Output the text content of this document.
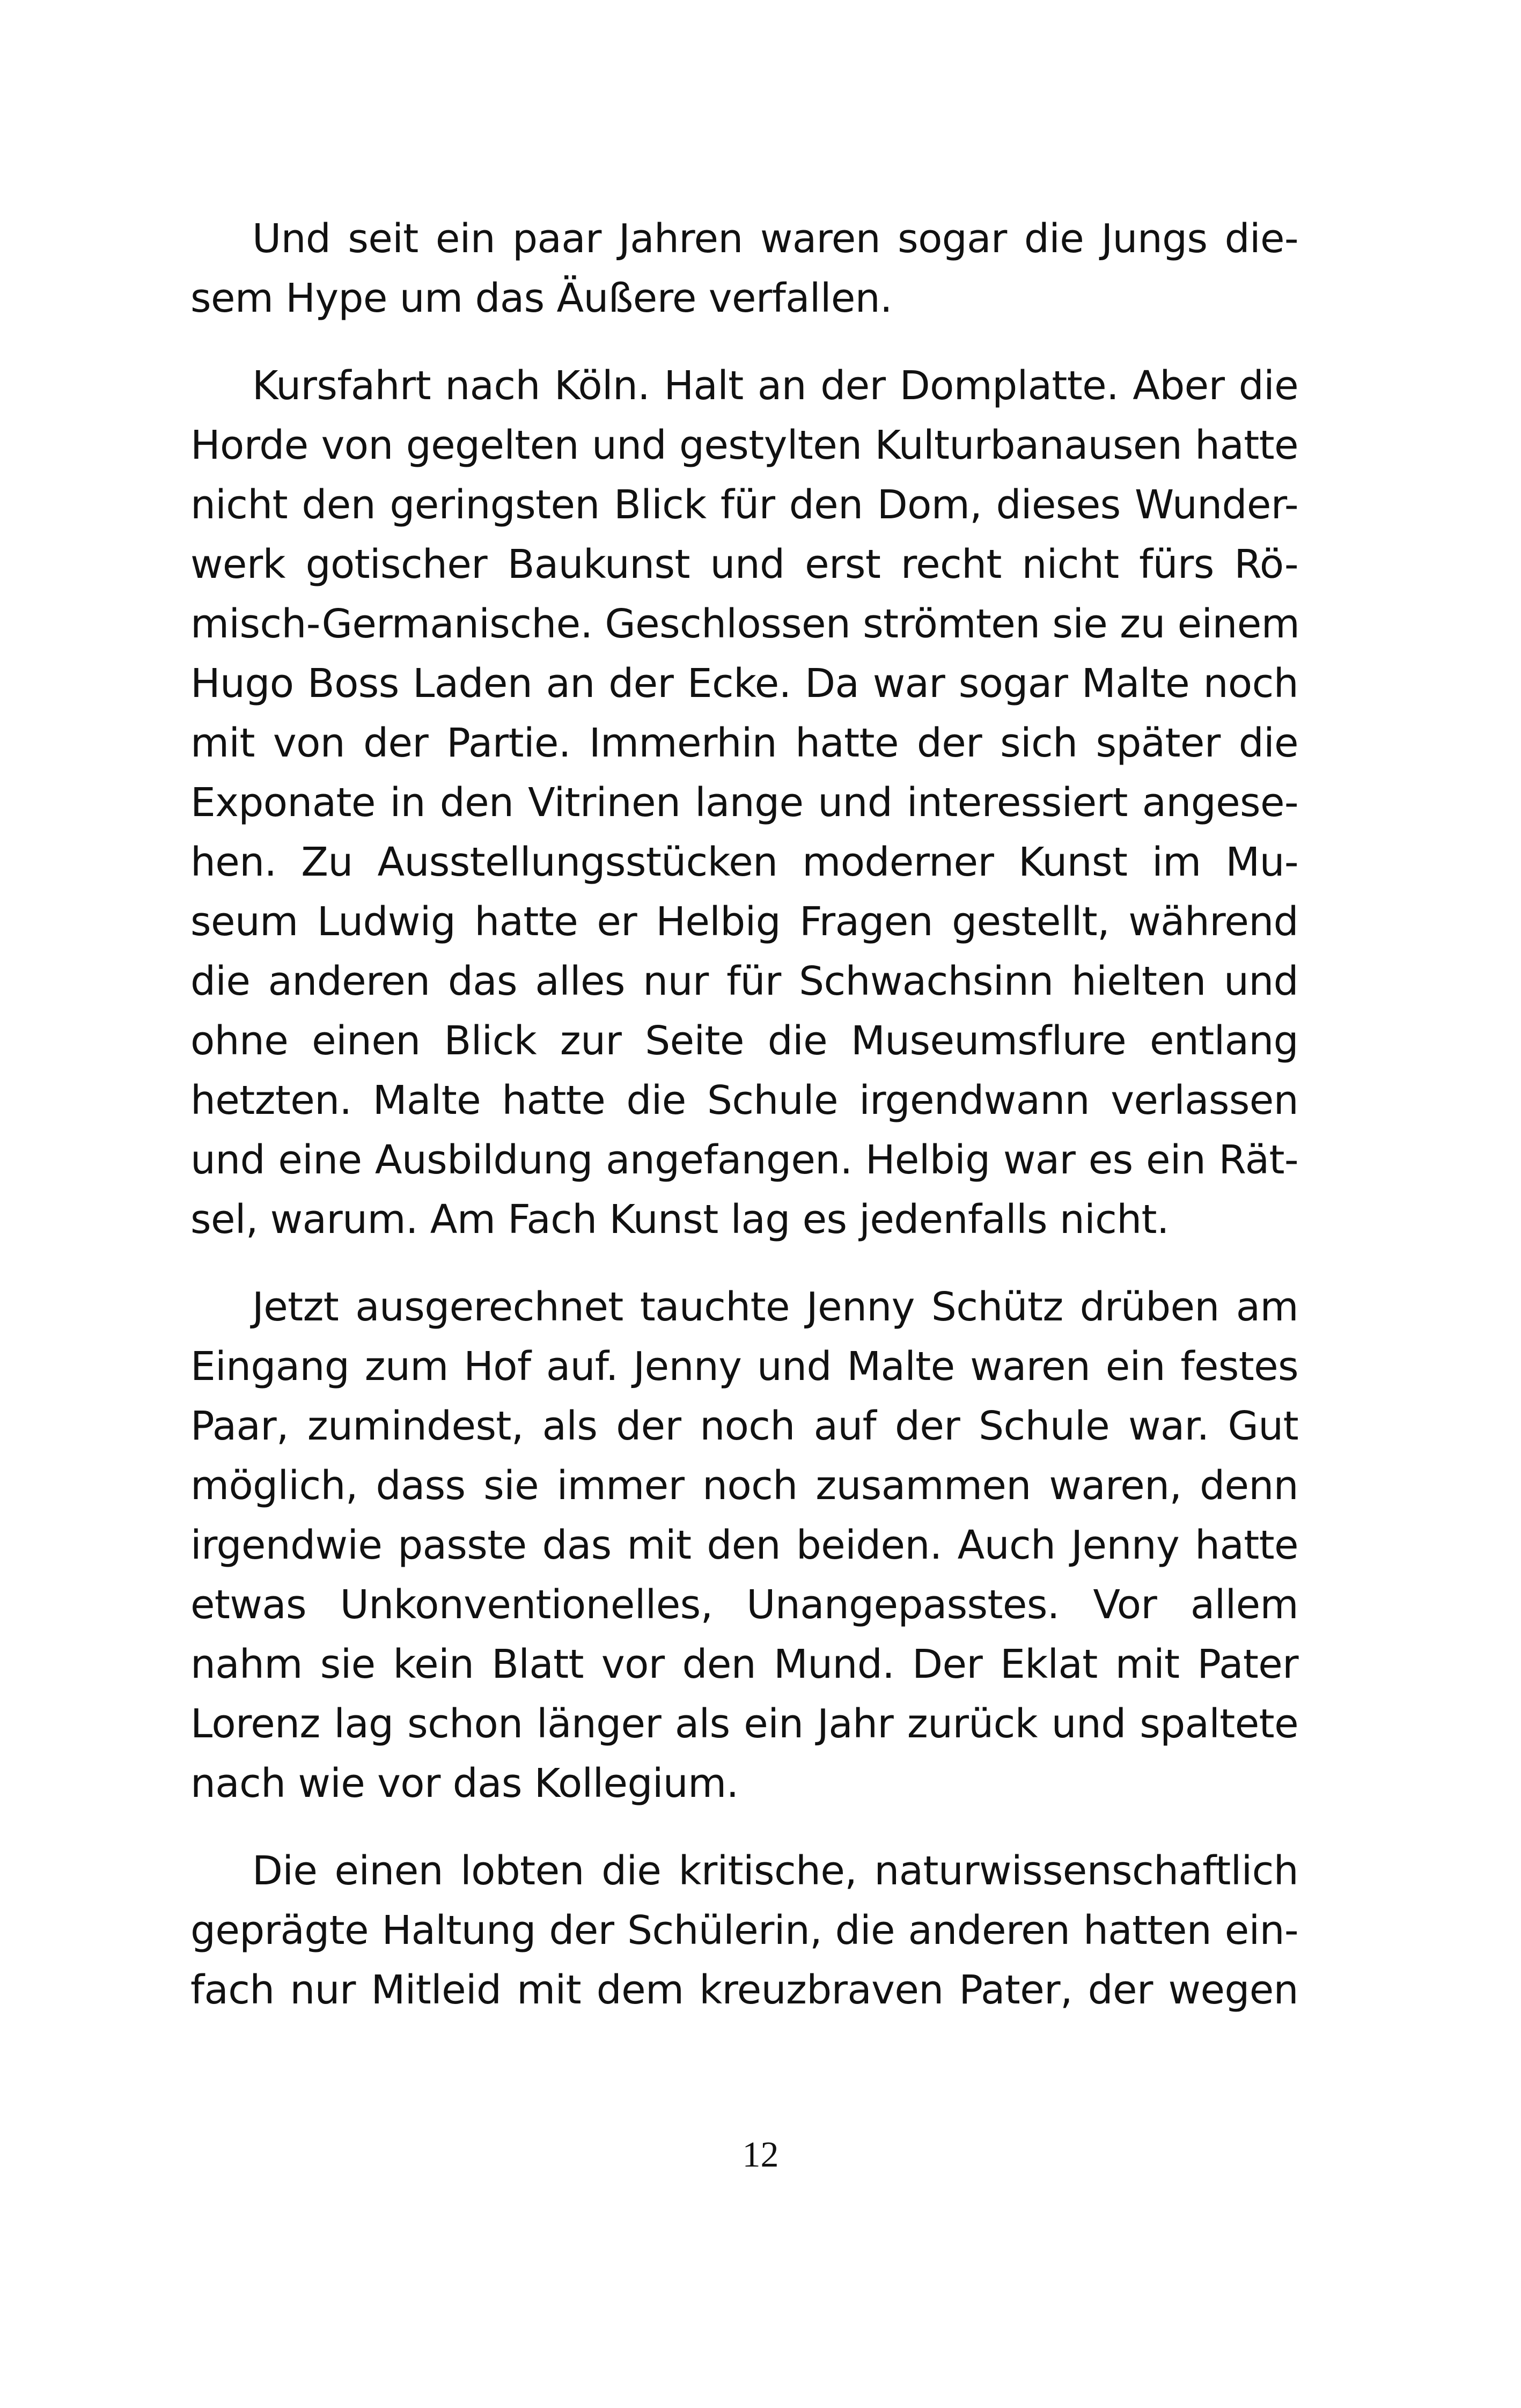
Und seit ein paar Jahren waren sogar die Jungs die-
sem Hype um das Äußere verfallen.
Kursfahrt nach Köln. Halt an der Domplatte. Aber die
Horde von gegelten und gestylten Kulturbanausen hatte
nicht den geringsten Blick für den Dom, dieses Wunder-
werk gotischer Baukunst und erst recht nicht fürs Rö-
misch-Germanische. Geschlossen strömten sie zu einem
Hugo Boss Laden an der Ecke. Da war sogar Malte noch
mit von der Partie. Immerhin hatte der sich später die
Exponate in den Vitrinen lange und interessiert angese-
hen. Zu Ausstellungsstücken moderner Kunst im Mu-
seum Ludwig hatte er Helbig Fragen gestellt, während
die anderen das alles nur für Schwachsinn hielten und
ohne einen Blick zur Seite die Museumsflure entlang
hetzten. Malte hatte die Schule irgendwann verlassen
und eine Ausbildung angefangen. Helbig war es ein Rät-
sel, warum. Am Fach Kunst lag es jedenfalls nicht.
Jetzt ausgerechnet tauchte Jenny Schütz drüben am
Eingang zum Hof auf. Jenny und Malte waren ein festes
Paar, zumindest, als der noch auf der Schule war. Gut
möglich, dass sie immer noch zusammen waren, denn
irgendwie passte das mit den beiden. Auch Jenny hatte
etwas Unkonventionelles, Unangepasstes. Vor allem
nahm sie kein Blatt vor den Mund. Der Eklat mit Pater
Lorenz lag schon länger als ein Jahr zurück und spaltete
nach wie vor das Kollegium.
Die einen lobten die kritische, naturwissenschaftlich
geprägte Haltung der Schülerin, die anderen hatten ein-
fach nur Mitleid mit dem kreuzbraven Pater, der wegen
12
